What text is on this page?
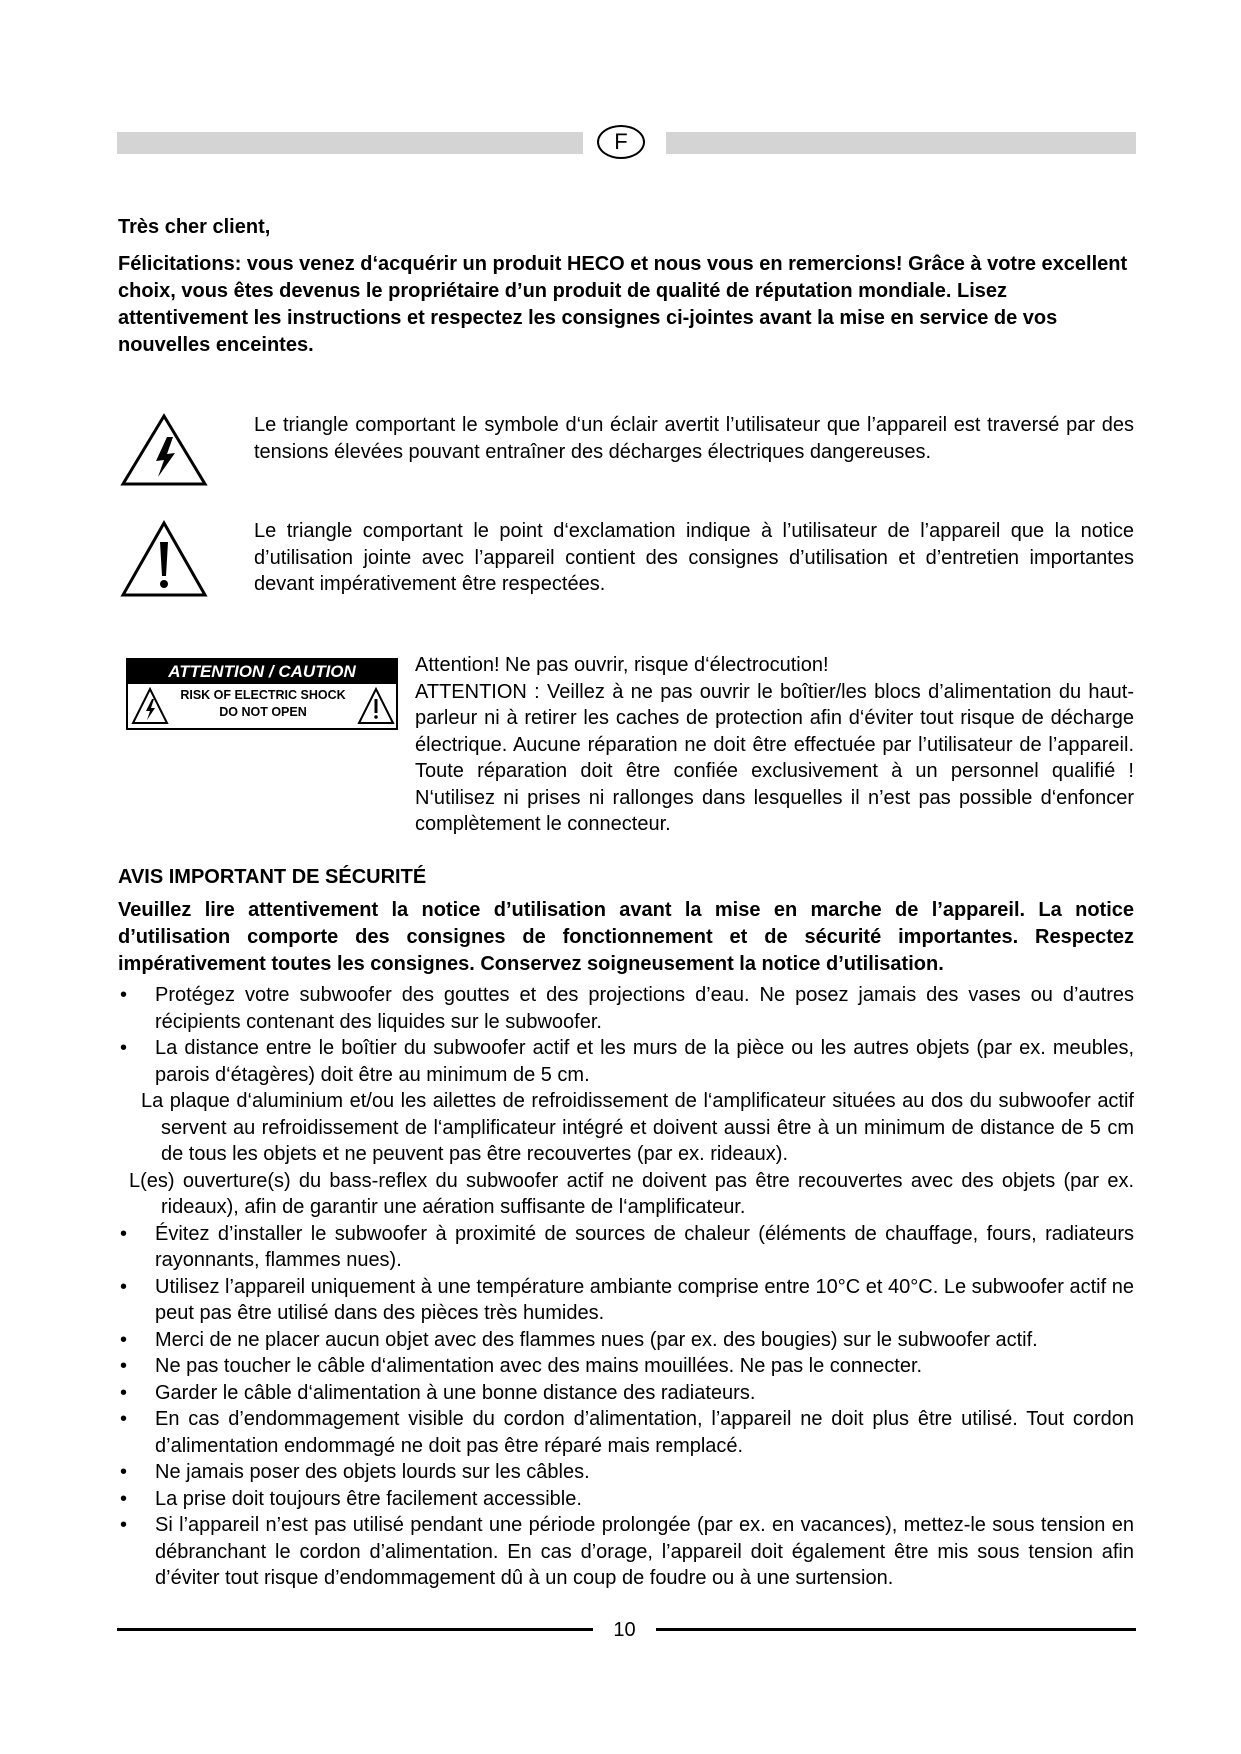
F
Très cher client,

Félicitations: vous venez d‘acquérir un produit HECO et nous vous en remercions! Grâce à votre excellent choix, vous êtes devenus le propriétaire d’un produit de qualité de réputation mondiale. Lisez attentivement les instructions et respectez les consignes ci-jointes avant la mise en service de vos nouvelles enceintes.

Le triangle comportant le symbole d‘un éclair avertit l’utilisateur que l’appareil est traversé par des tensions élevées pouvant entraîner des décharges électriques dangereuses.

Le triangle comportant le point d‘exclamation indique à l’utilisateur de l’appareil que la notice d’utilisation jointe avec l’appareil contient des consignes d’utilisation et d’entretien importantes devant impérativement être respectées.

ATTENTION / CAUTION
RISK OF ELECTRIC SHOCK
DO NOT OPEN
Attention! Ne pas ouvrir, risque d‘électrocution!
ATTENTION : Veillez à ne pas ouvrir le boîtier/les blocs d’alimentation du haut-parleur ni à retirer les caches de protection afin d‘éviter tout risque de décharge électrique. Aucune réparation ne doit être effectuée par l’utilisateur de l’appareil. Toute réparation doit être confiée exclusivement à un personnel qualifié ! N‘utilisez ni prises ni rallonges dans lesquelles il n’est pas possible d‘enfoncer complètement le connecteur.
AVIS IMPORTANT DE SÉCURITÉ

Veuillez lire attentivement la notice d’utilisation avant la mise en marche de l’appareil. La notice d’utilisation comporte des consignes de fonctionnement et de sécurité importantes. Respectez impérativement toutes les consignes. Conservez soigneusement la notice d’utilisation.

• Protégez votre subwoofer des gouttes et des projections d’eau. Ne posez jamais des vases ou d’autres récipients contenant des liquides sur le subwoofer.
• La distance entre le boîtier du subwoofer actif et les murs de la pièce ou les autres objets (par ex. meubles, parois d‘étagères) doit être au minimum de 5 cm.
La plaque d‘aluminium et/ou les ailettes de refroidissement de l‘amplificateur situées au dos du subwoofer actif servent au refroidissement de l‘amplificateur intégré et doivent aussi être à un minimum de distance de 5 cm de tous les objets et ne peuvent pas être recouvertes (par ex. rideaux).
L(es) ouverture(s) du bass-reflex du subwoofer actif ne doivent pas être recouvertes avec des objets (par ex. rideaux), afin de garantir une aération suffisante de l‘amplificateur.
• Évitez d’installer le subwoofer à proximité de sources de chaleur (éléments de chauffage, fours, radiateurs rayonnants, flammes nues).
• Utilisez l’appareil uniquement à une température ambiante comprise entre 10°C et 40°C. Le subwoofer actif ne peut pas être utilisé dans des pièces très humides.
• Merci de ne placer aucun objet avec des flammes nues (par ex. des bougies) sur le subwoofer actif.
• Ne pas toucher le câble d‘alimentation avec des mains mouillées. Ne pas le connecter.
• Garder le câble d‘alimentation à une bonne distance des radiateurs.
• En cas d’endommagement visible du cordon d’alimentation, l’appareil ne doit plus être utilisé. Tout cordon d’alimentation endommagé ne doit pas être réparé mais remplacé.
• Ne jamais poser des objets lourds sur les câbles.
• La prise doit toujours être facilement accessible.
• Si l’appareil n’est pas utilisé pendant une période prolongée (par ex. en vacances), mettez-le sous tension en débranchant le cordon d’alimentation. En cas d’orage, l’appareil doit également être mis sous tension afin d’éviter tout risque d’endommagement dû à un coup de foudre ou à une surtension.
10
